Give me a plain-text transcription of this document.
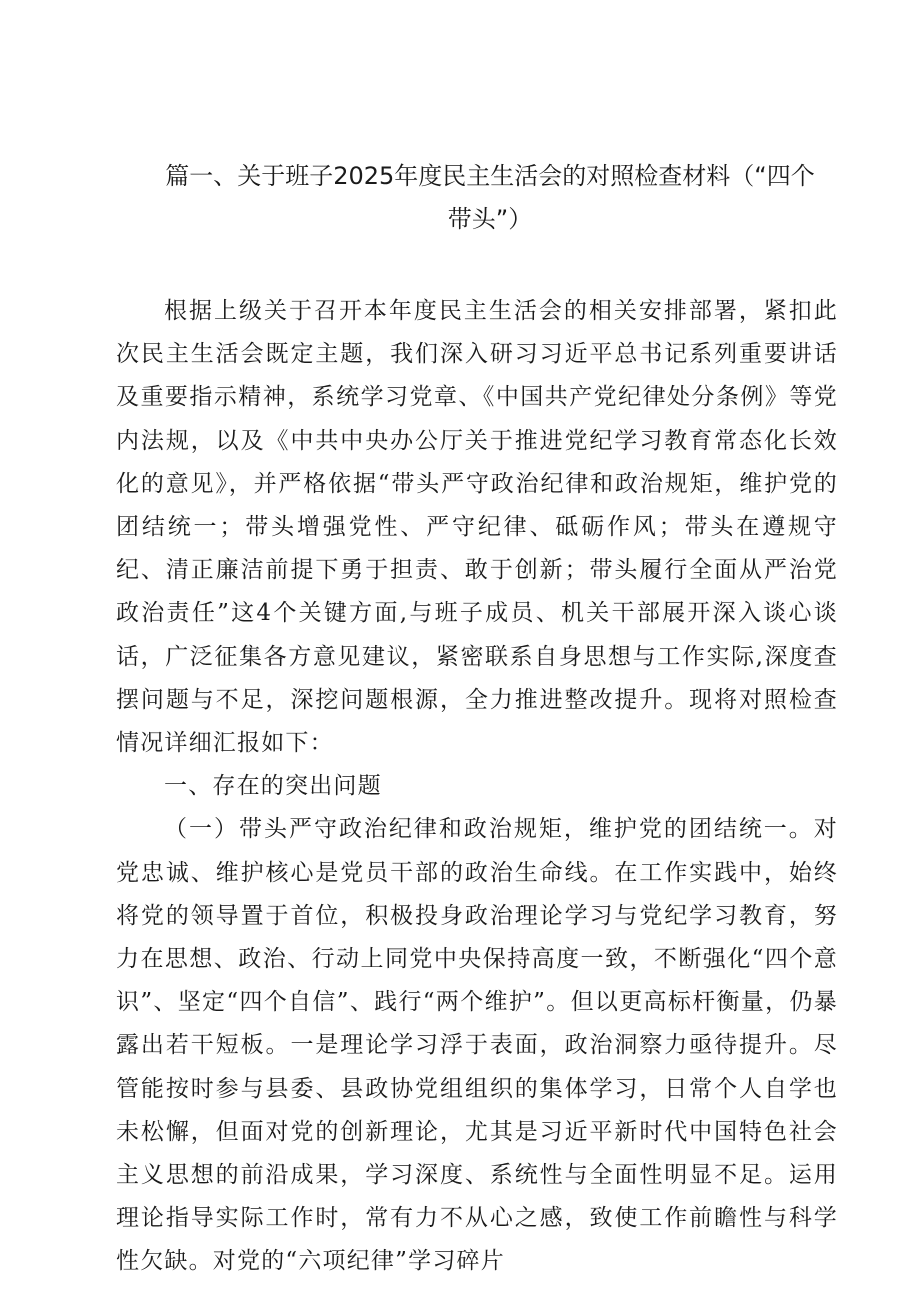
篇一、关于班子2025年度民主生活会的对照检查材料（“四个带头”）

根据上级关于召开本年度民主生活会的相关安排部署，紧扣此次民主生活会既定主题，我们深入研习习近平总书记系列重要讲话及重要指示精神，系统学习党章、《中国共产党纪律处分条例》等党内法规，以及《中共中央办公厅关于推进党纪学习教育常态化长效化的意见》，并严格依据“带头严守政治纪律和政治规矩，维护党的团结统一；带头增强党性、严守纪律、砥砺作风；带头在遵规守纪、清正廉洁前提下勇于担责、敢于创新；带头履行全面从严治党政治责任”这4个关键方面,与班子成员、机关干部展开深入谈心谈话，广泛征集各方意见建议，紧密联系自身思想与工作实际,深度查摆问题与不足，深挖问题根源，全力推进整改提升。现将对照检查情况详细汇报如下：

一、存在的突出问题

（一）带头严守政治纪律和政治规矩，维护党的团结统一。对党忠诚、维护核心是党员干部的政治生命线。在工作实践中，始终将党的领导置于首位，积极投身政治理论学习与党纪学习教育，努力在思想、政治、行动上同党中央保持高度一致，不断强化“四个意识”、坚定“四个自信”、践行“两个维护”。但以更高标杆衡量，仍暴露出若干短板。一是理论学习浮于表面，政治洞察力亟待提升。尽管能按时参与县委、县政协党组组织的集体学习，日常个人自学也未松懈，但面对党的创新理论，尤其是习近平新时代中国特色社会主义思想的前沿成果，学习深度、系统性与全面性明显不足。运用理论指导实际工作时，常有力不从心之感，致使工作前瞻性与科学性欠缺。对党的“六项纪律”学习碎片
